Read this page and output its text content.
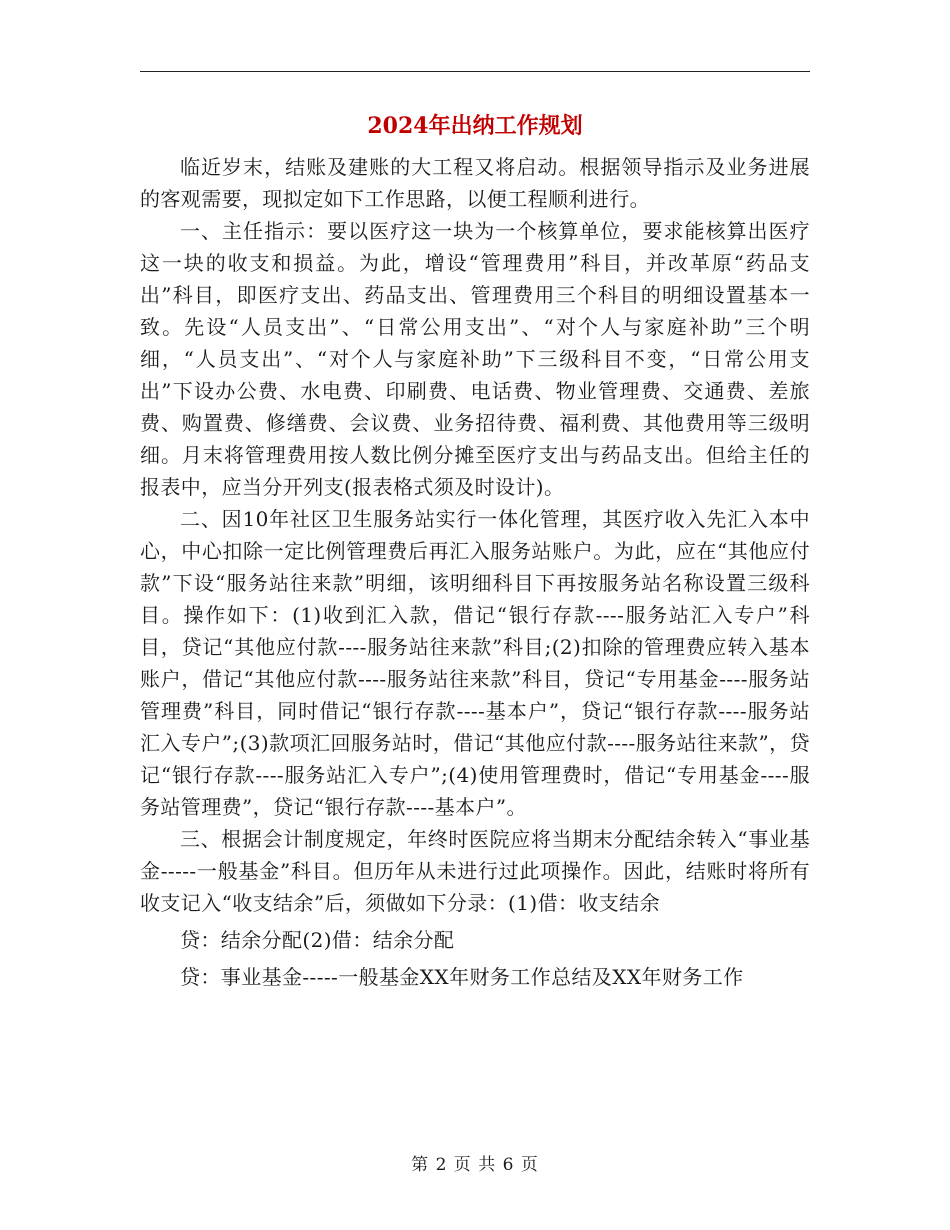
2024年出纳工作规划

临近岁末，结账及建账的大工程又将启动。根据领导指示及业务进展的客观需要，现拟定如下工作思路，以便工程顺利进行。

一、主任指示：要以医疗这一块为一个核算单位，要求能核算出医疗这一块的收支和损益。为此，增设“管理费用”科目，并改革原“药品支出”科目，即医疗支出、药品支出、管理费用三个科目的明细设置基本一致。先设“人员支出”、“日常公用支出”、“对个人与家庭补助”三个明细，“人员支出”、“对个人与家庭补助”下三级科目不变，“日常公用支出”下设办公费、水电费、印刷费、电话费、物业管理费、交通费、差旅费、购置费、修缮费、会议费、业务招待费、福利费、其他费用等三级明细。月末将管理费用按人数比例分摊至医疗支出与药品支出。但给主任的报表中，应当分开列支(报表格式须及时设计)。

二、因10年社区卫生服务站实行一体化管理，其医疗收入先汇入本中心，中心扣除一定比例管理费后再汇入服务站账户。为此，应在“其他应付款”下设“服务站往来款”明细，该明细科目下再按服务站名称设置三级科目。操作如下：(1)收到汇入款，借记“银行存款----服务站汇入专户”科目，贷记“其他应付款----服务站往来款”科目;(2)扣除的管理费应转入基本账户，借记“其他应付款----服务站往来款”科目，贷记“专用基金----服务站管理费”科目，同时借记“银行存款----基本户”，贷记“银行存款----服务站汇入专户”;(3)款项汇回服务站时，借记“其他应付款----服务站往来款”，贷记“银行存款----服务站汇入专户”;(4)使用管理费时，借记“专用基金----服务站管理费”，贷记“银行存款----基本户”。

三、根据会计制度规定，年终时医院应将当期末分配结余转入“事业基金-----一般基金”科目。但历年从未进行过此项操作。因此，结账时将所有收支记入“收支结余”后，须做如下分录：(1)借：收支结余

贷：结余分配(2)借：结余分配

贷：事业基金-----一般基金XX年财务工作总结及XX年财务工作

第 2 页 共 6 页
